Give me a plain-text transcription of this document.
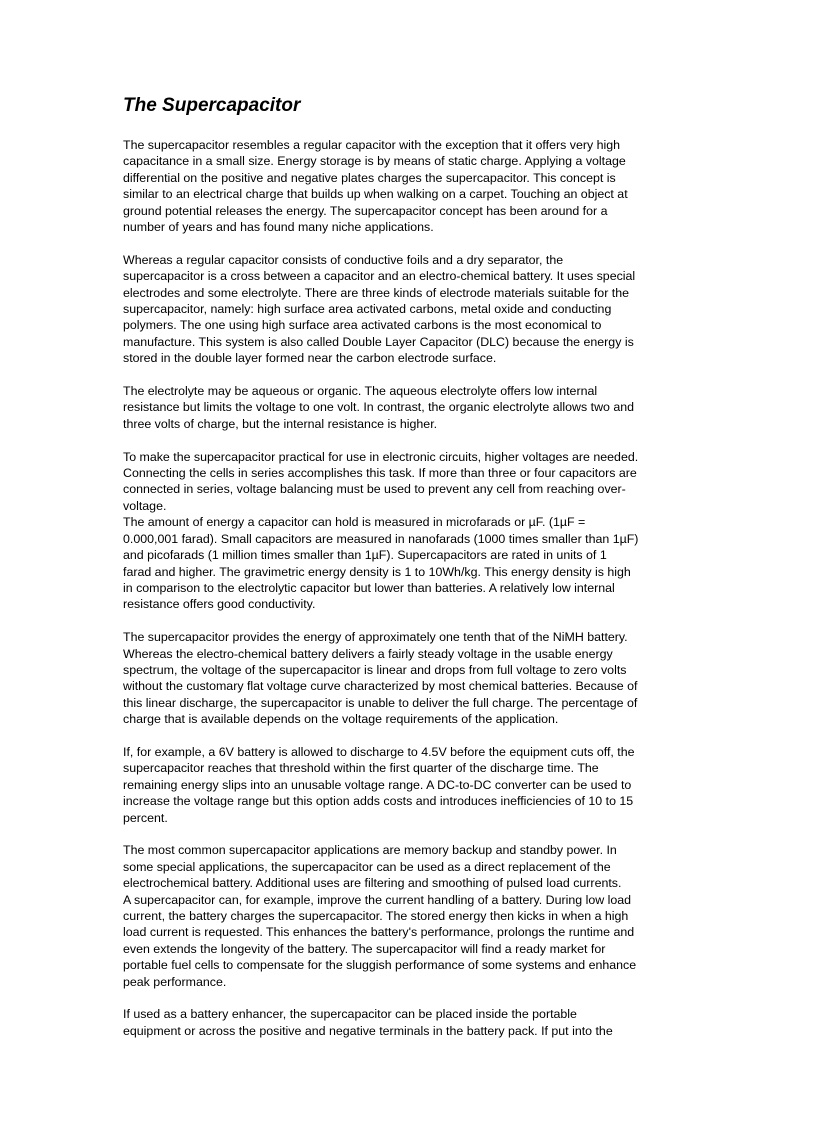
The Supercapacitor

The supercapacitor resembles a regular capacitor with the exception that it offers very high
capacitance in a small size. Energy storage is by means of static charge. Applying a voltage
differential on the positive and negative plates charges the supercapacitor. This concept is
similar to an electrical charge that builds up when walking on a carpet. Touching an object at
ground potential releases the energy. The supercapacitor concept has been around for a
number of years and has found many niche applications.

Whereas a regular capacitor consists of conductive foils and a dry separator, the
supercapacitor is a cross between a capacitor and an electro-chemical battery. It uses special
electrodes and some electrolyte. There are three kinds of electrode materials suitable for the
supercapacitor, namely: high surface area activated carbons, metal oxide and conducting
polymers. The one using high surface area activated carbons is the most economical to
manufacture. This system is also called Double Layer Capacitor (DLC) because the energy is
stored in the double layer formed near the carbon electrode surface.

The electrolyte may be aqueous or organic. The aqueous electrolyte offers low internal
resistance but limits the voltage to one volt. In contrast, the organic electrolyte allows two and
three volts of charge, but the internal resistance is higher.

To make the supercapacitor practical for use in electronic circuits, higher voltages are needed.
Connecting the cells in series accomplishes this task. If more than three or four capacitors are
connected in series, voltage balancing must be used to prevent any cell from reaching over-
voltage.

The amount of energy a capacitor can hold is measured in microfarads or µF. (1µF =
0.000,001 farad). Small capacitors are measured in nanofarads (1000 times smaller than 1µF)
and picofarads (1 million times smaller than 1µF). Supercapacitors are rated in units of 1
farad and higher. The gravimetric energy density is 1 to 10Wh/kg. This energy density is high
in comparison to the electrolytic capacitor but lower than batteries. A relatively low internal
resistance offers good conductivity.

The supercapacitor provides the energy of approximately one tenth that of the NiMH battery.
Whereas the electro-chemical battery delivers a fairly steady voltage in the usable energy
spectrum, the voltage of the supercapacitor is linear and drops from full voltage to zero volts
without the customary flat voltage curve characterized by most chemical batteries. Because of
this linear discharge, the supercapacitor is unable to deliver the full charge. The percentage of
charge that is available depends on the voltage requirements of the application.

If, for example, a 6V battery is allowed to discharge to 4.5V before the equipment cuts off, the
supercapacitor reaches that threshold within the first quarter of the discharge time. The
remaining energy slips into an unusable voltage range. A DC-to-DC converter can be used to
increase the voltage range but this option adds costs and introduces inefficiencies of 10 to 15
percent.

The most common supercapacitor applications are memory backup and standby power. In
some special applications, the supercapacitor can be used as a direct replacement of the
electrochemical battery. Additional uses are filtering and smoothing of pulsed load currents.
A supercapacitor can, for example, improve the current handling of a battery. During low load
current, the battery charges the supercapacitor. The stored energy then kicks in when a high
load current is requested. This enhances the battery's performance, prolongs the runtime and
even extends the longevity of the battery. The supercapacitor will find a ready market for
portable fuel cells to compensate for the sluggish performance of some systems and enhance
peak performance.

If used as a battery enhancer, the supercapacitor can be placed inside the portable
equipment or across the positive and negative terminals in the battery pack. If put into the
